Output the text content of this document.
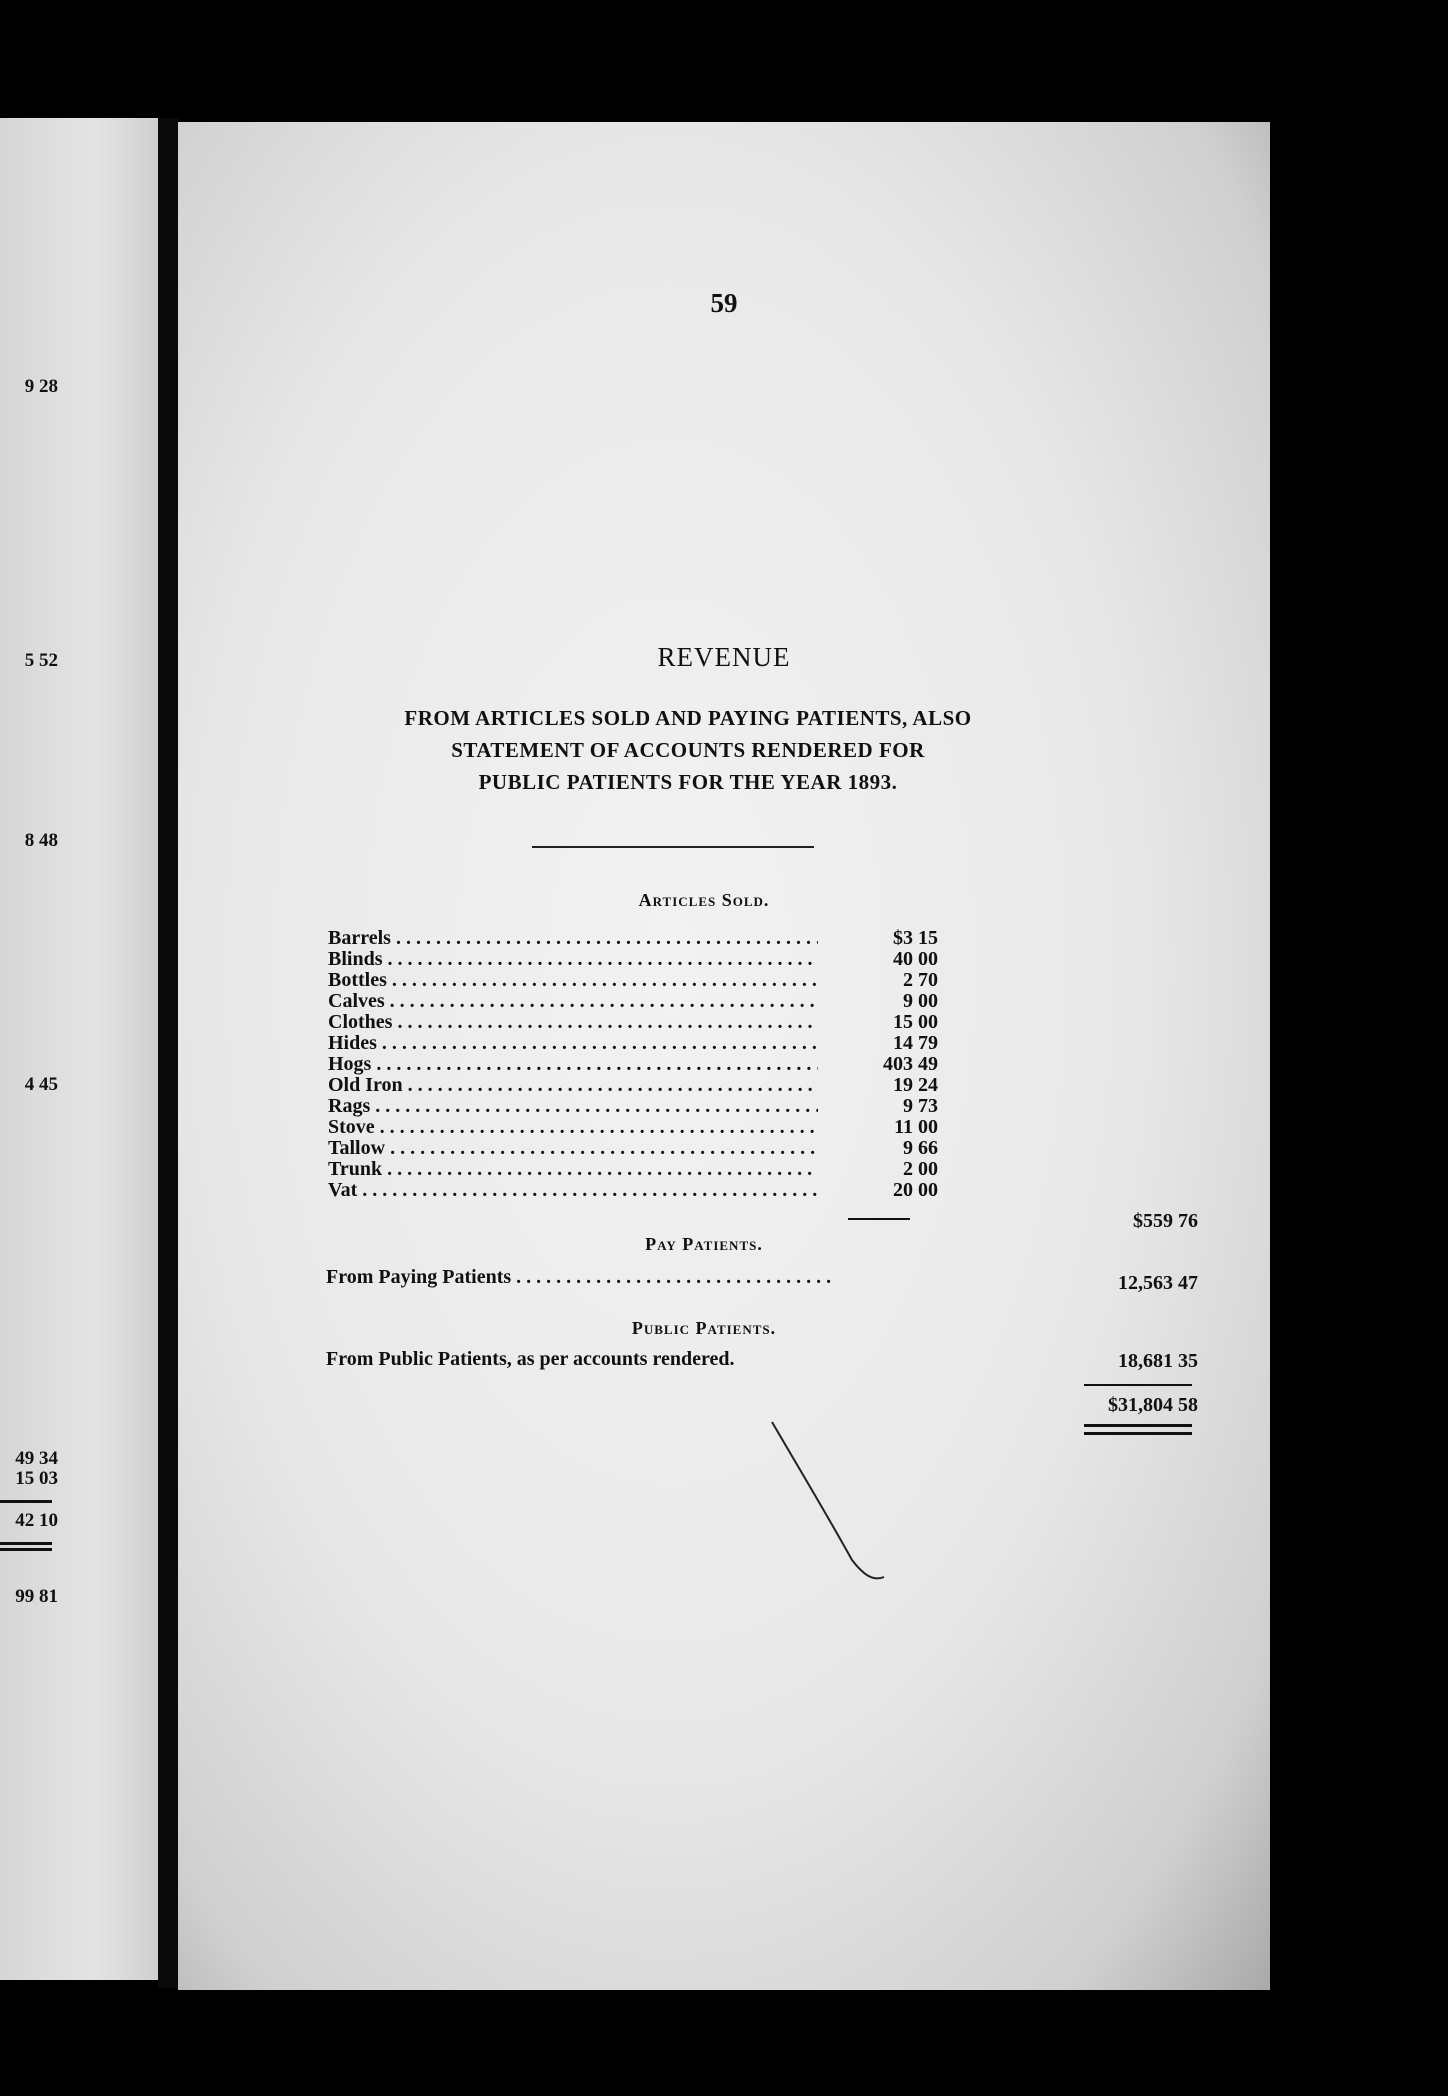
9 28
5 52
8 48
4 45
49 34
15 03
42 10
99 81
59
REVENUE
FROM ARTICLES SOLD AND PAYING PATIENTS, ALSO
STATEMENT OF ACCOUNTS RENDERED FOR
PUBLIC PATIENTS FOR THE YEAR 1893.
Articles Sold.
Barrels . . .	$3 15
Blinds . . .	40 00
Bottles . . .	2 70
Calves . . .	9 00
Clothes . . .	15 00
Hides . . .	14 79
Hogs . . .	403 49
Old Iron . . .	19 24
Rags . . .	9 73
Stove . . .	11 00
Tallow . . .	9 66
Trunk . . .	2 00
Vat . . .	20 00
$559 76
Pay Patients.
From Paying Patients . . .	12,563 47
Public Patients.
From Public Patients, as per accounts rendered.	18,681 35
$31,804 58
